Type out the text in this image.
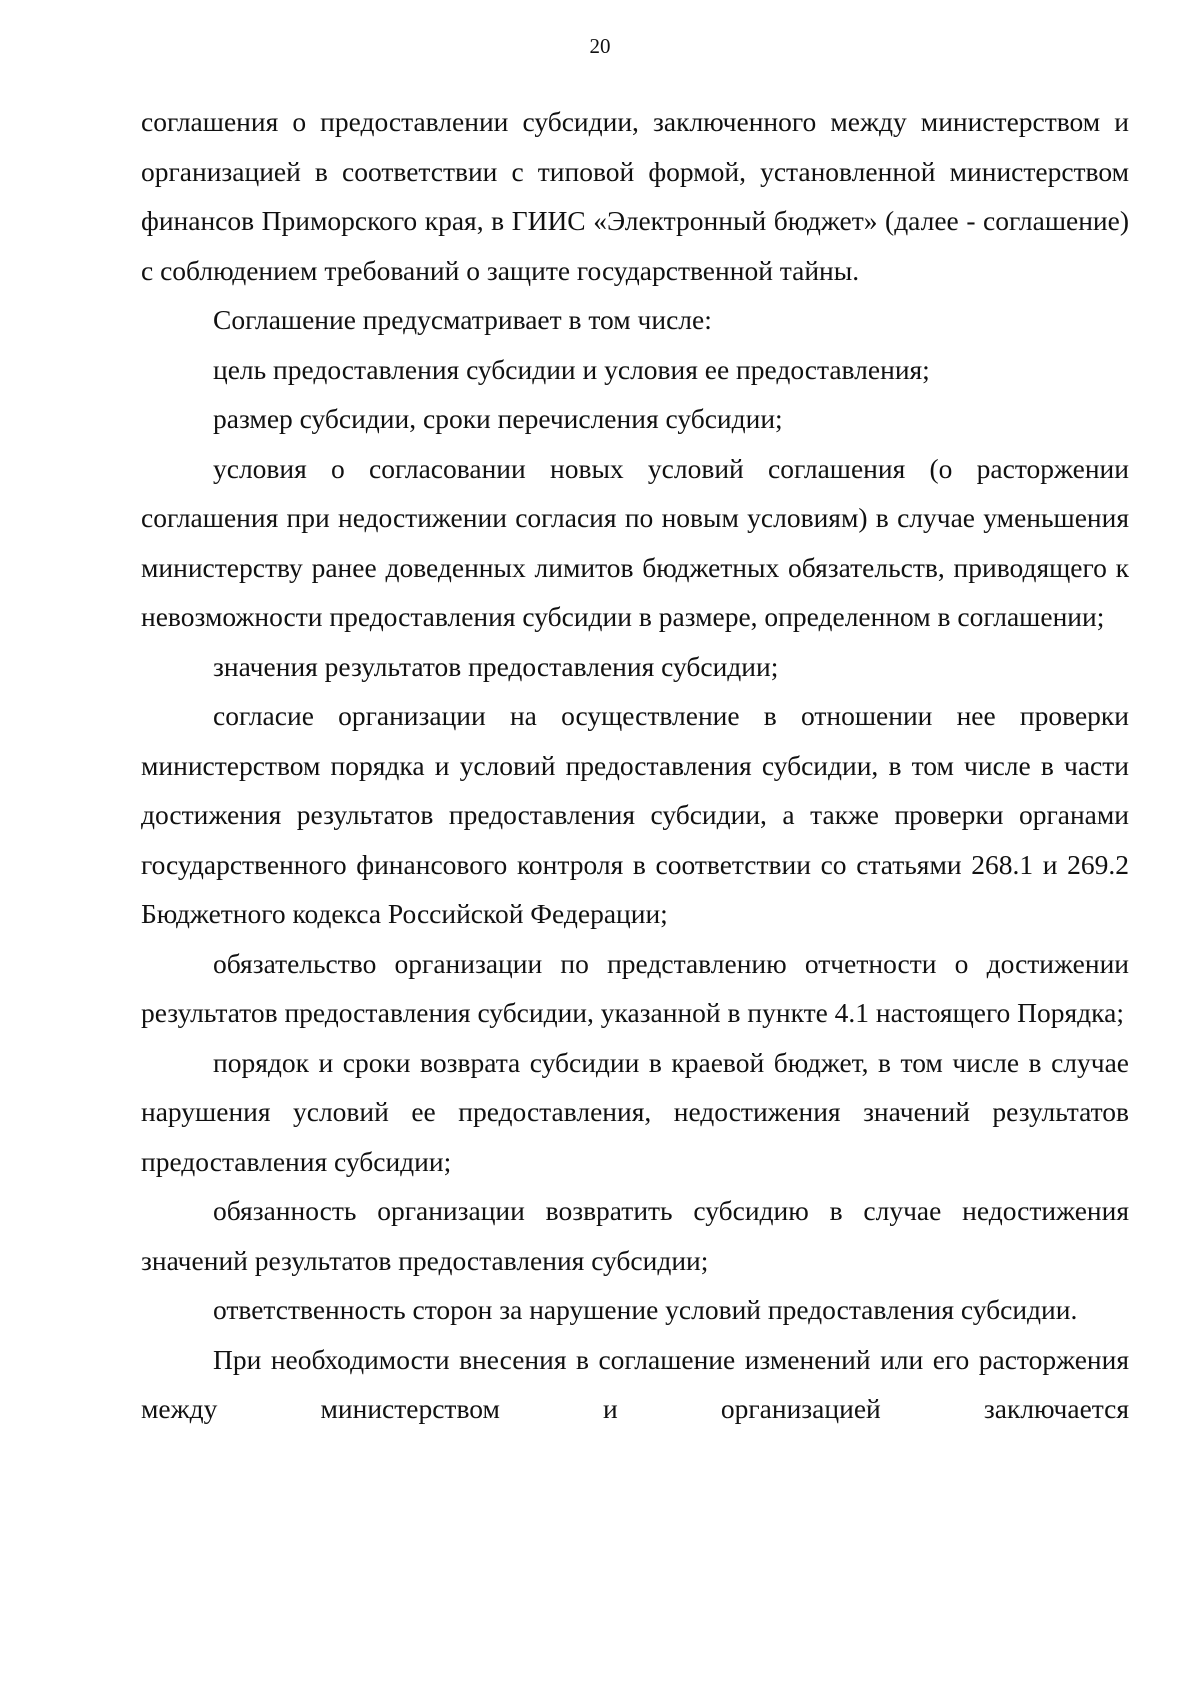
20

соглашения о предоставлении субсидии, заключенного между министерством и организацией в соответствии с типовой формой, установленной министерством финансов Приморского края, в ГИИС «Электронный бюджет» (далее - соглашение) с соблюдением требований о защите государственной тайны.

Соглашение предусматривает в том числе:

цель предоставления субсидии и условия ее предоставления;

размер субсидии, сроки перечисления субсидии;

условия о согласовании новых условий соглашения (о расторжении соглашения при недостижении согласия по новым условиям) в случае уменьшения министерству ранее доведенных лимитов бюджетных обязательств, приводящего к невозможности предоставления субсидии в размере, определенном в соглашении;

значения результатов предоставления субсидии;

согласие организации на осуществление в отношении нее проверки министерством порядка и условий предоставления субсидии, в том числе в части достижения результатов предоставления субсидии, а также проверки органами государственного финансового контроля в соответствии со статьями 268.1 и 269.2 Бюджетного кодекса Российской Федерации;

обязательство организации по представлению отчетности о достижении результатов предоставления субсидии, указанной в пункте 4.1 настоящего Порядка;

порядок и сроки возврата субсидии в краевой бюджет, в том числе в случае нарушения условий ее предоставления, недостижения значений результатов предоставления субсидии;

обязанность организации возвратить субсидию в случае недостижения значений результатов предоставления субсидии;

ответственность сторон за нарушение условий предоставления субсидии.

При необходимости внесения в соглашение изменений или его расторжения между министерством и организацией заключается
